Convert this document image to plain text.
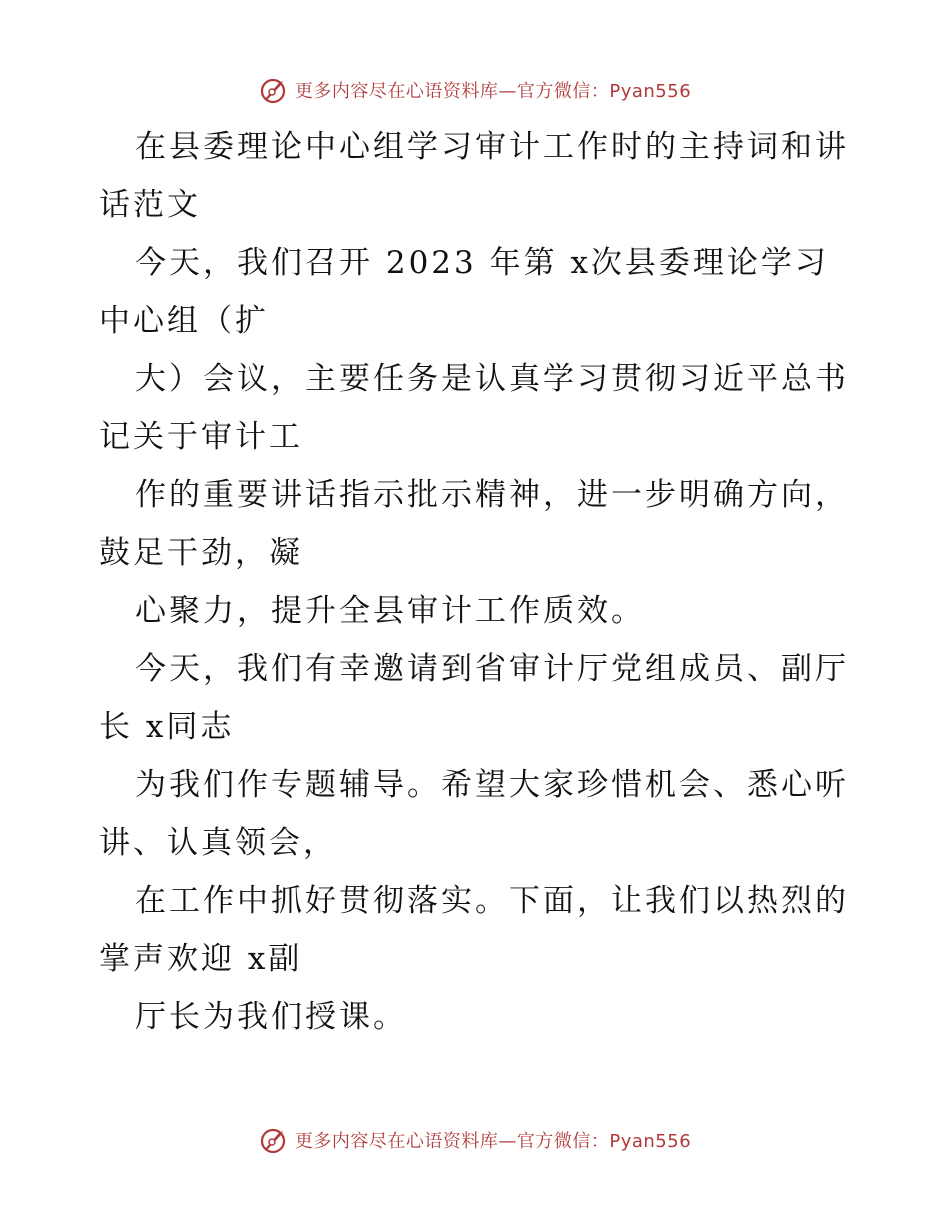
更多内容尽在心语资料库—官方微信：Pyan556

在县委理论中心组学习审计工作时的主持词和讲
话范文

今天，我们召开 2023 年第 x次县委理论学习
中心组（扩

大）会议，主要任务是认真学习贯彻习近平总书
记关于审计工

作的重要讲话指示批示精神，进一步明确方向，
鼓足干劲，凝

心聚力，提升全县审计工作质效。

今天，我们有幸邀请到省审计厅党组成员、副厅
长 x同志

为我们作专题辅导。希望大家珍惜机会、悉心听
讲、认真领会，

在工作中抓好贯彻落实。下面，让我们以热烈的
掌声欢迎 x副

厅长为我们授课。

更多内容尽在心语资料库—官方微信：Pyan556
